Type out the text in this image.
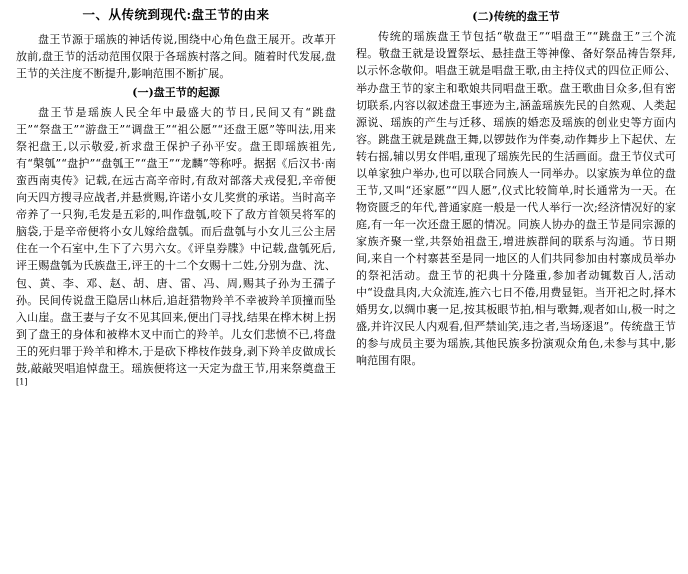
一、从传统到现代:盘王节的由来

盘王节源于瑶族的神话传说,围绕中心角色盘王展开。改革开放前,盘王节的活动范围仅限于各瑶族村落之间。随着时代发展,盘王节的关注度不断提升,影响范围不断扩展。

(一)盘王节的起源

盘王节是瑶族人民全年中最盛大的节日,民间又有“跳盘王”“祭盘王”“游盘王”“调盘王”“祖公愿”“还盘王愿”等叫法,用来祭祀盘王,以示敬爱,祈求盘王保护子孙平安。盘王即瑶族祖先,有“槃瓠”“盘护”“盘瓠王”“盘王”“龙麟”等称呼。据据《后汉书·南蛮西南夷传》记载,在远古高辛帝时,有敌对部落犬戎侵犯,辛帝便向天四方搜寻应战者,并悬赏赐,许诺小女儿奖赏的承诺。当时高辛帝养了一只狗,毛发是五彩的,叫作盘瓠,咬下了敌方首领吴将军的脑袋,于是辛帝便将小女儿嫁给盘瓠。而后盘瓠与小女儿三公主居住在一个石室中,生下了六男六女。《评皇券牒》中记载,盘瓠死后,评王赐盘瓠为氏族盘王,评王的十二个女赐十二姓,分别为盘、沈、包、黄、李、邓、赵、胡、唐、雷、冯、周,赐其子孙为王孺子孙。民间传说盘王隐居山林后,追赶猎物羚羊不幸被羚羊顶撞而坠入山崖。盘王妻与子女不见其回来,便出门寻找,结果在桦木树上拐到了盘王的身体和被桦木叉中而亡的羚羊。儿女们悲愤不已,将盘王的死归罪于羚羊和桦木,于是砍下桦枝作鼓身,剥下羚羊皮做成长鼓,敲敲哭唱追悼盘王。瑶族便将这一天定为盘王节,用来祭奠盘王[1]

(二)传统的盘王节

传统的瑶族盘王节包括“敬盘王”“唱盘王”“跳盘王”三个流程。敬盘王就是设置祭坛、悬挂盘王等神像、备好祭品祷告祭拜,以示怀念敬仰。唱盘王就是唱盘王歌,由主持仪式的四位正师公、举办盘王节的家主和歌娘共同唱盘王歌。盘王歌曲目众多,但有密切联系,内容以叙述盘王事迹为主,涵盖瑶族先民的自然观、人类起源说、瑶族的产生与迁移、瑶族的婚恋及瑶族的创业史等方面内容。跳盘王就是跳盘王舞,以锣鼓作为伴奏,动作舞步上下起伏、左转右摇,辅以男女伴唱,重现了瑶族先民的生活画面。盘王节仪式可以单家独户举办,也可以联合同族人一同举办。以家族为单位的盘王节,又叫“还家愿”“四人愿”,仪式比较简单,时长通常为一天。在物资匮乏的年代,普通家庭一般是一代人举行一次;经济情况好的家庭,有一年一次还盘王愿的情况。同族人协办的盘王节是同宗源的家族齐聚一堂,共祭始祖盘王,增进族群间的联系与沟通。节日期间,来自一个村寨甚至是同一地区的人们共同参加由村寨成员举办的祭祀活动。盘王节的祀典十分隆重,参加者动辄数百人,活动中“设盘具肉,大众流连,旌六七日不倦,用费显钜。当开祀之时,择木婚男女,以绸巾裹一足,按其板眼节拍,相与歌舞,观者如山,极一时之盛,并许汉民人内观看,但严禁讪笑,违之者,当场逐退”。传统盘王节的参与成员主要为瑶族,其他民族多扮演观众角色,未参与其中,影响范围有限。
